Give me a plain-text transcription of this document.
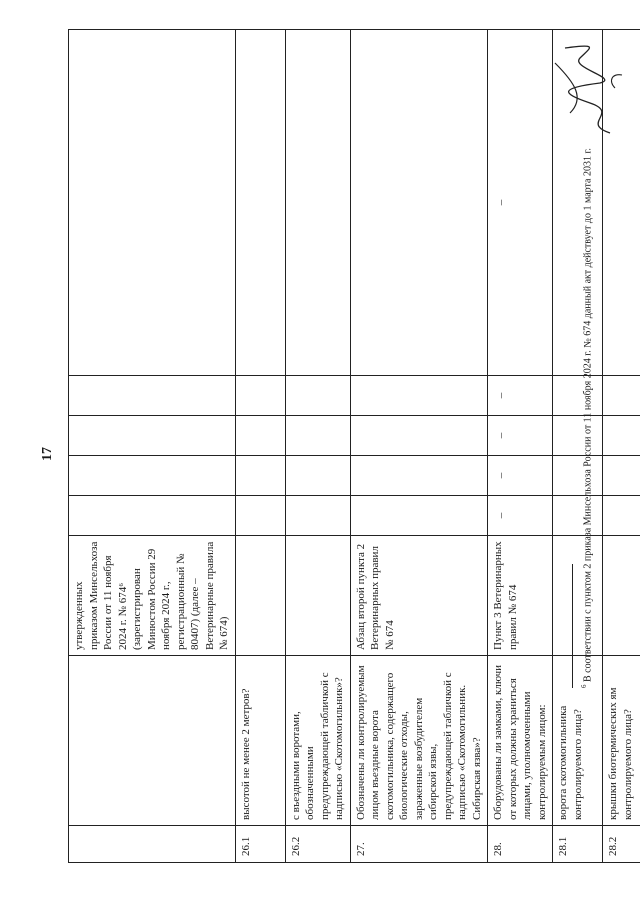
17
		утвержденных приказом Минсельхоза России от 11 ноября 2024 г. № 674⁶ (зарегистрирован Минюстом России 29 ноября 2024 г., регистрационный № 80407) (далее – Ветеринарные правила № 674)					
26.1	высотой не менее 2 метров?						
26.2	с въездными воротами, обозначенными предупреждающей табличкой с надписью «Скотомогильник»?						
27.	Обозначены ли контролируемым лицом въездные ворота скотомогильника, содержащего биологические отходы, зараженные возбудителем сибирской язвы, предупреждающей табличкой с надписью «Скотомогильник. Сибирская язва»?	Абзац второй пункта 2 Ветеринарных правил № 674					
28.	Оборудованы ли замками, ключи от которых должны храниться лицами, уполномоченными контролируемым лицом:	Пункт 3 Ветеринарных правил № 674	–	–	–	–	–
28.1	ворота скотомогильника контролируемого лица?						
28.2	крышки биотермических ям контролируемого лица?						
$^6$ В соответствии с пунктом 2 приказа Минсельхоза России от 11 ноября 2024 г. № 674 данный акт действует до 1 марта 2031 г.
